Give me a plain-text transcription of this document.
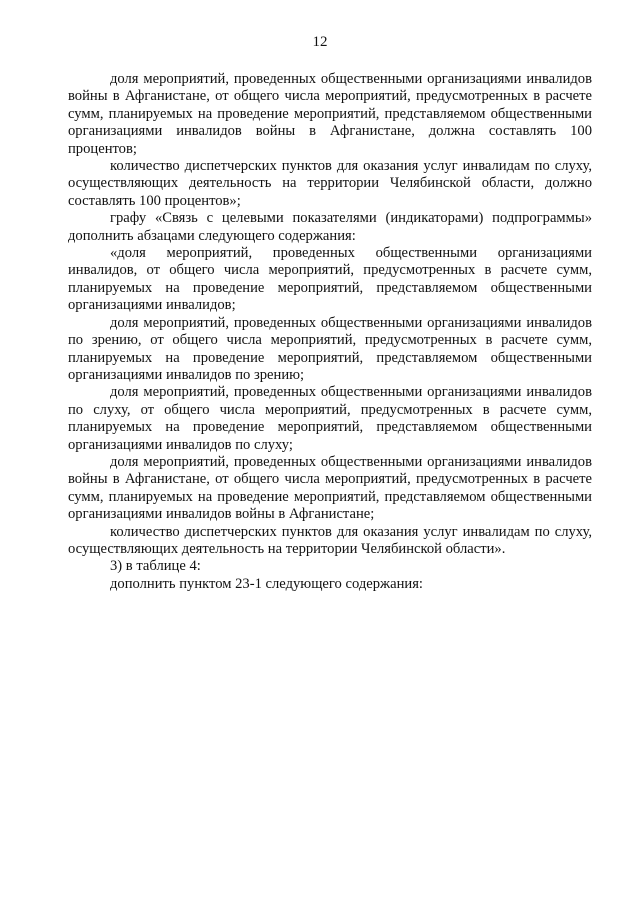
12

доля мероприятий, проведенных общественными организациями инвалидов войны в Афганистане, от общего числа мероприятий, предусмотренных в расчете сумм, планируемых на проведение мероприятий, представляемом общественными организациями инвалидов войны в Афганистане, должна составлять 100 процентов;

количество диспетчерских пунктов для оказания услуг инвалидам по слуху, осуществляющих деятельность на территории Челябинской области, должно составлять 100 процентов»;

графу «Связь с целевыми показателями (индикаторами) подпрограммы» дополнить абзацами следующего содержания:

«доля мероприятий, проведенных общественными организациями инвалидов, от общего числа мероприятий, предусмотренных в расчете сумм, планируемых на проведение мероприятий, представляемом общественными организациями инвалидов;

доля мероприятий, проведенных общественными организациями инвалидов по зрению, от общего числа мероприятий, предусмотренных в расчете сумм, планируемых на проведение мероприятий, представляемом общественными организациями инвалидов по зрению;

доля мероприятий, проведенных общественными организациями инвалидов по слуху, от общего числа мероприятий, предусмотренных в расчете сумм, планируемых на проведение мероприятий, представляемом общественными организациями инвалидов по слуху;

доля мероприятий, проведенных общественными организациями инвалидов войны в Афганистане, от общего числа мероприятий, предусмотренных в расчете сумм, планируемых на проведение мероприятий, представляемом общественными организациями инвалидов войны в Афганистане;

количество диспетчерских пунктов для оказания услуг инвалидам по слуху, осуществляющих деятельность на территории Челябинской области».

3) в таблице 4:

дополнить пунктом 23-1 следующего содержания:
